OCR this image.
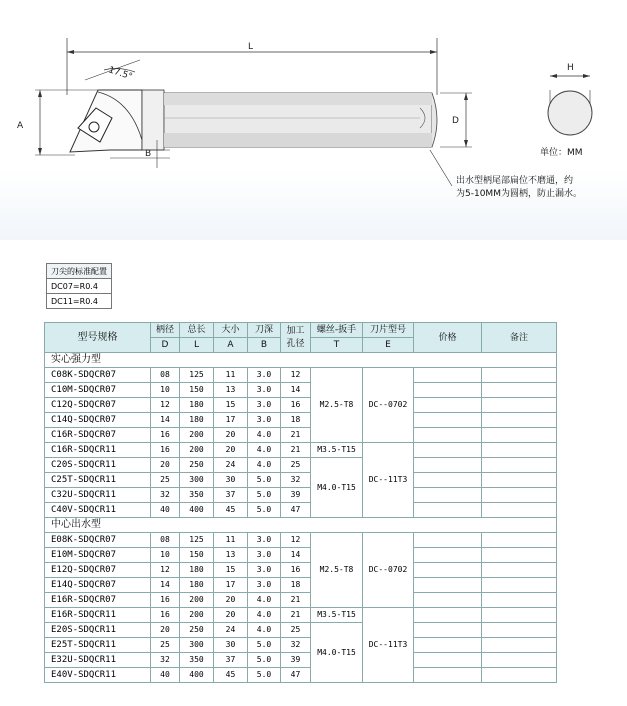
L
17.5°
A
B
D
H
单位：MM
出水型柄尾部扁位不磨通，约
为5-10MM为圆柄，防止漏水。
刀尖的标准配置
DC07=R0.4
DC11=R0.4
型号规格	柄径	总长	大小	刀深	加工
孔径	螺丝-扳手	刀片型号	价格	备注
	D	L	A	B		T	E		
实心强力型									
C08K-SDQCR07	08	125	11	3.0	12	M2.5-T8	DC--0702		
C10M-SDQCR07	10	150	13	3.0	14				
C12Q-SDQCR07	12	180	15	3.0	16				
C14Q-SDQCR07	14	180	17	3.0	18				
C16R-SDQCR07	16	200	20	4.0	21				
C16R-SDQCR11	16	200	20	4.0	21	M3.5-T15	DC--11T3		
C20S-SDQCR11	20	250	24	4.0	25	M4.0-T15			
C25T-SDQCR11	25	300	30	5.0	32				
C32U-SDQCR11	32	350	37	5.0	39				
C40V-SDQCR11	40	400	45	5.0	47				
中心出水型									
E08K-SDQCR07	08	125	11	3.0	12	M2.5-T8	DC--0702		
E10M-SDQCR07	10	150	13	3.0	14				
E12Q-SDQCR07	12	180	15	3.0	16				
E14Q-SDQCR07	14	180	17	3.0	18				
E16R-SDQCR07	16	200	20	4.0	21				
E16R-SDQCR11	16	200	20	4.0	21	M3.5-T15	DC--11T3		
E20S-SDQCR11	20	250	24	4.0	25	M4.0-T15			
E25T-SDQCR11	25	300	30	5.0	32				
E32U-SDQCR11	32	350	37	5.0	39				
E40V-SDQCR11	40	400	45	5.0	47				
